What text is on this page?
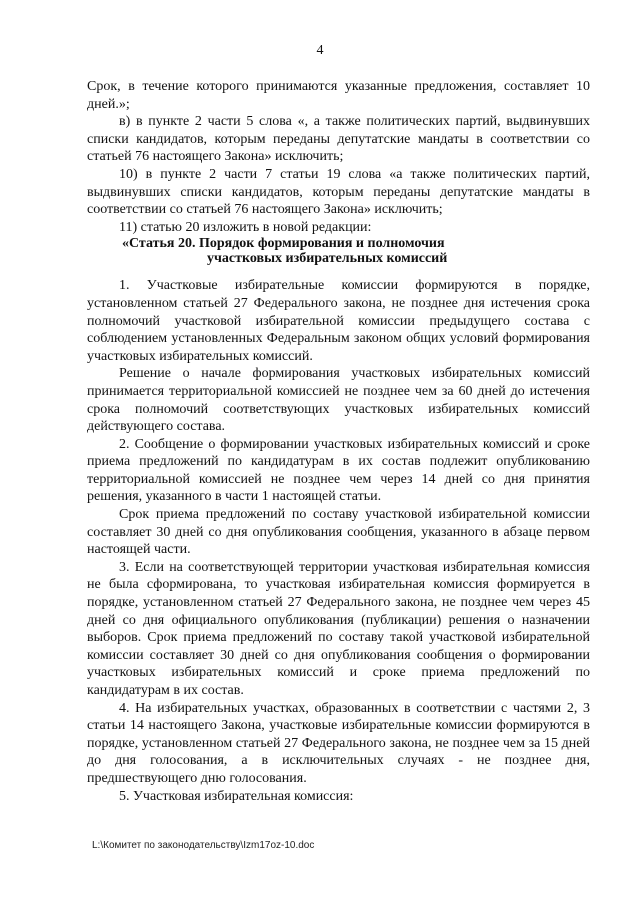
4

Срок, в течение которого принимаются указанные предложения, составляет 10 дней.»;

в) в пункте 2 части 5 слова «, а также политических партий, выдвинувших списки кандидатов, которым переданы депутатские мандаты в соответствии со статьей 76 настоящего Закона» исключить;

10) в пункте 2 части 7 статьи 19 слова «а также политических партий, выдвинувших списки кандидатов, которым переданы депутатские мандаты в соответствии со статьей 76 настоящего Закона» исключить;

11) статью 20 изложить в новой редакции:

«Статья 20. Порядок формирования и полномочия
участковых избирательных комиссий

1. Участковые избирательные комиссии формируются в порядке, установленном статьей 27 Федерального закона, не позднее дня истечения срока полномочий участковой избирательной комиссии предыдущего состава с соблюдением установленных Федеральным законом общих условий формирования участковых избирательных комиссий.

Решение о начале формирования участковых избирательных комиссий принимается территориальной комиссией не позднее чем за 60 дней до истечения срока полномочий соответствующих участковых избирательных комиссий действующего состава.

2. Сообщение о формировании участковых избирательных комиссий и сроке приема предложений по кандидатурам в их состав подлежит опубликованию территориальной комиссией не позднее чем через 14 дней со дня принятия решения, указанного в части 1 настоящей статьи.

Срок приема предложений по составу участковой избирательной комиссии составляет 30 дней со дня опубликования сообщения, указанного в абзаце первом настоящей части.

3. Если на соответствующей территории участковая избирательная комиссия не была сформирована, то участковая избирательная комиссия формируется в порядке, установленном статьей 27 Федерального закона, не позднее чем через 45 дней со дня официального опубликования (публикации) решения о назначении выборов. Срок приема предложений по составу такой участковой избирательной комиссии составляет 30 дней со дня опубликования сообщения о формировании участковых избирательных комиссий и сроке приема предложений по кандидатурам в их состав.

4. На избирательных участках, образованных в соответствии с частями 2, 3 статьи 14 настоящего Закона, участковые избирательные комиссии формируются в порядке, установленном статьей 27 Федерального закона, не позднее чем за 15 дней до дня голосования, а в исключительных случаях - не позднее дня, предшествующего дню голосования.

5. Участковая избирательная комиссия:

L:\Комитет по законодательству\Izm17oz-10.doc
